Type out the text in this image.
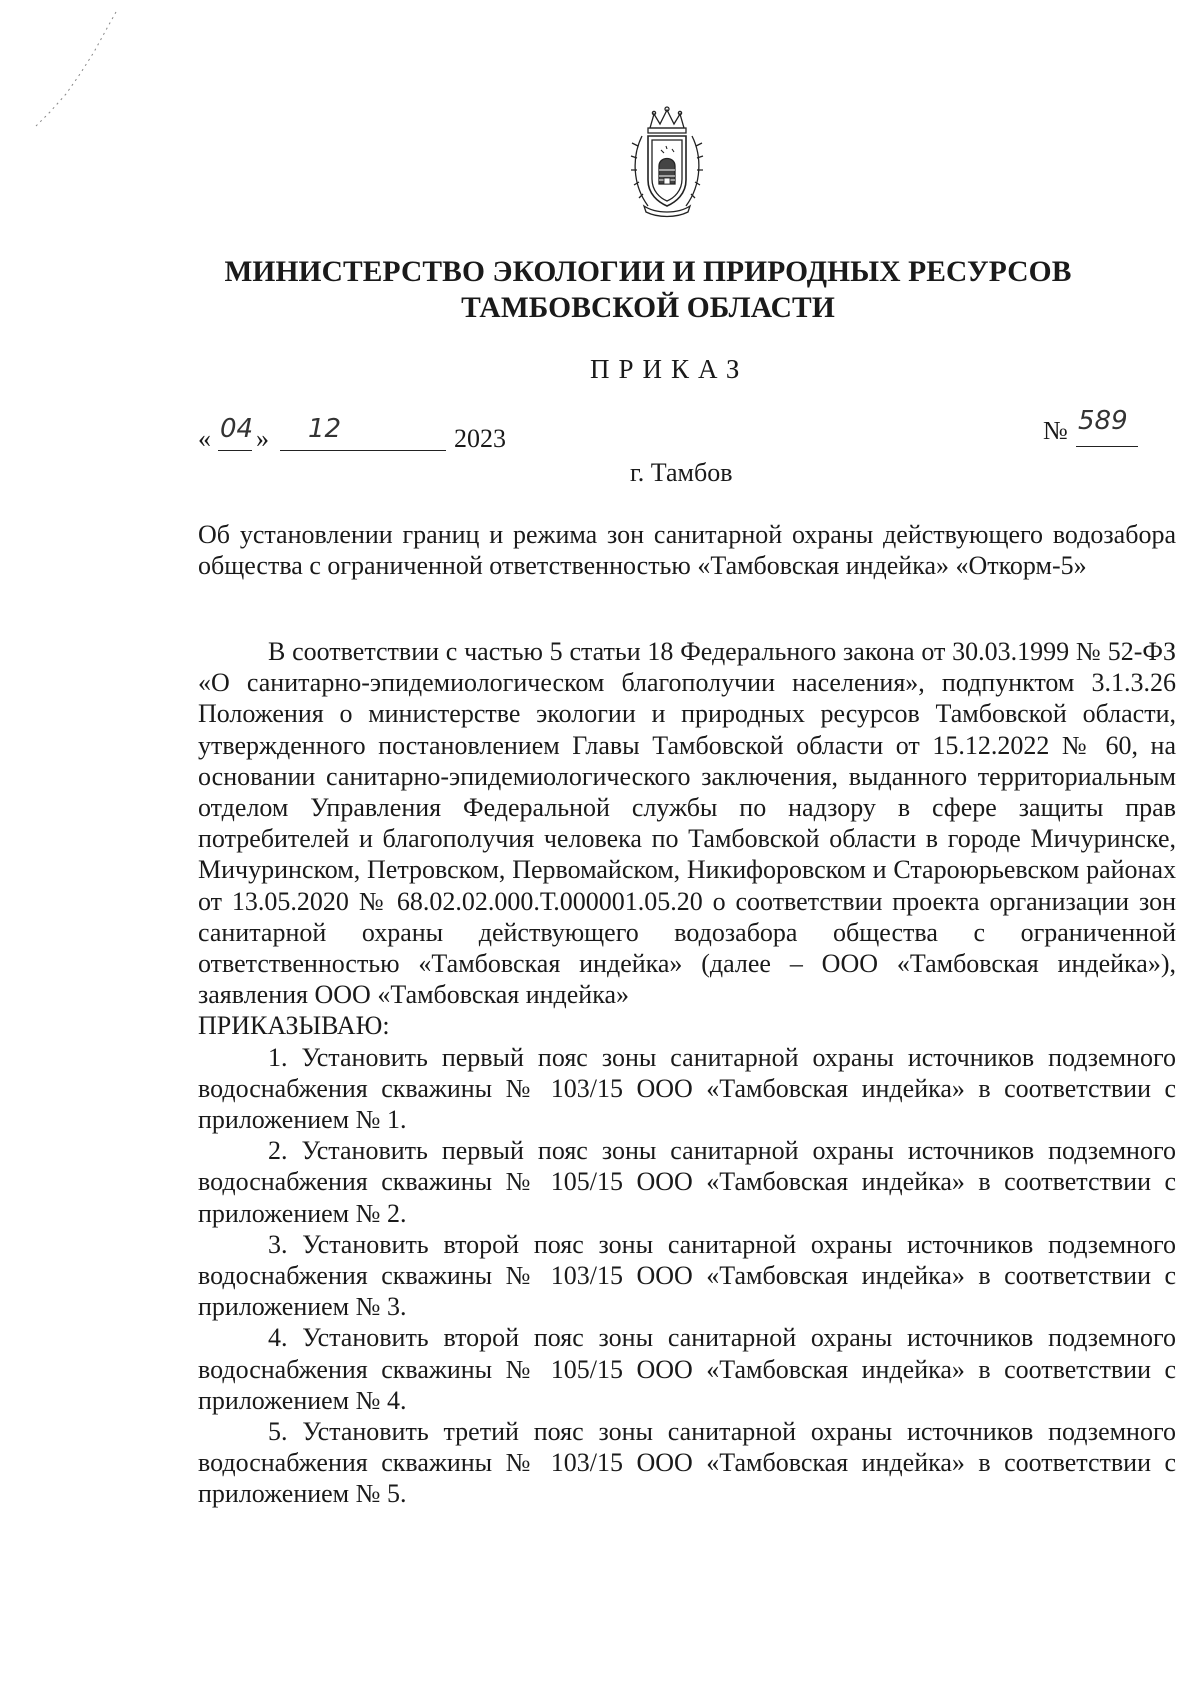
МИНИСТЕРСТВО ЭКОЛОГИИ И ПРИРОДНЫХ РЕСУРСОВ
ТАМБОВСКОЙ ОБЛАСТИ
ПРИКАЗ
« 04 » 12	2023	№ 589
г. Тамбов
Об установлении границ и режима зон санитарной охраны действующего водозабора общества с ограниченной ответственностью «Тамбовская индейка» «Откорм-5»

В соответствии с частью 5 статьи 18 Федерального закона от 30.03.1999 № 52-ФЗ «О санитарно-эпидемиологическом благополучии населения», подпунктом 3.1.3.26 Положения о министерстве экологии и природных ресурсов Тамбовской области, утвержденного постановлением Главы Тамбовской области от 15.12.2022 № 60, на основании санитарно-эпидемиологического заключения, выданного территориальным отделом Управления Федеральной службы по надзору в сфере защиты прав потребителей и благополучия человека по Тамбовской области в городе Мичуринске, Мичуринском, Петровском, Первомайском, Никифоровском и Староюрьевском районах от 13.05.2020 № 68.02.02.000.Т.000001.05.20 о соответствии проекта организации зон санитарной охраны действующего водозабора общества с ограниченной ответственностью «Тамбовская индейка» (далее – ООО «Тамбовская индейка»), заявления ООО «Тамбовская индейка»

ПРИКАЗЫВАЮ:

1. Установить первый пояс зоны санитарной охраны источников подземного водоснабжения скважины № 103/15 ООО «Тамбовская индейка» в соответствии с приложением № 1.

2. Установить первый пояс зоны санитарной охраны источников подземного водоснабжения скважины № 105/15 ООО «Тамбовская индейка» в соответствии с приложением № 2.

3. Установить второй пояс зоны санитарной охраны источников подземного водоснабжения скважины № 103/15 ООО «Тамбовская индейка» в соответствии с приложением № 3.

4. Установить второй пояс зоны санитарной охраны источников подземного водоснабжения скважины № 105/15 ООО «Тамбовская индейка» в соответствии с приложением № 4.

5. Установить третий пояс зоны санитарной охраны источников подземного водоснабжения скважины № 103/15 ООО «Тамбовская индейка» в соответствии с приложением № 5.
